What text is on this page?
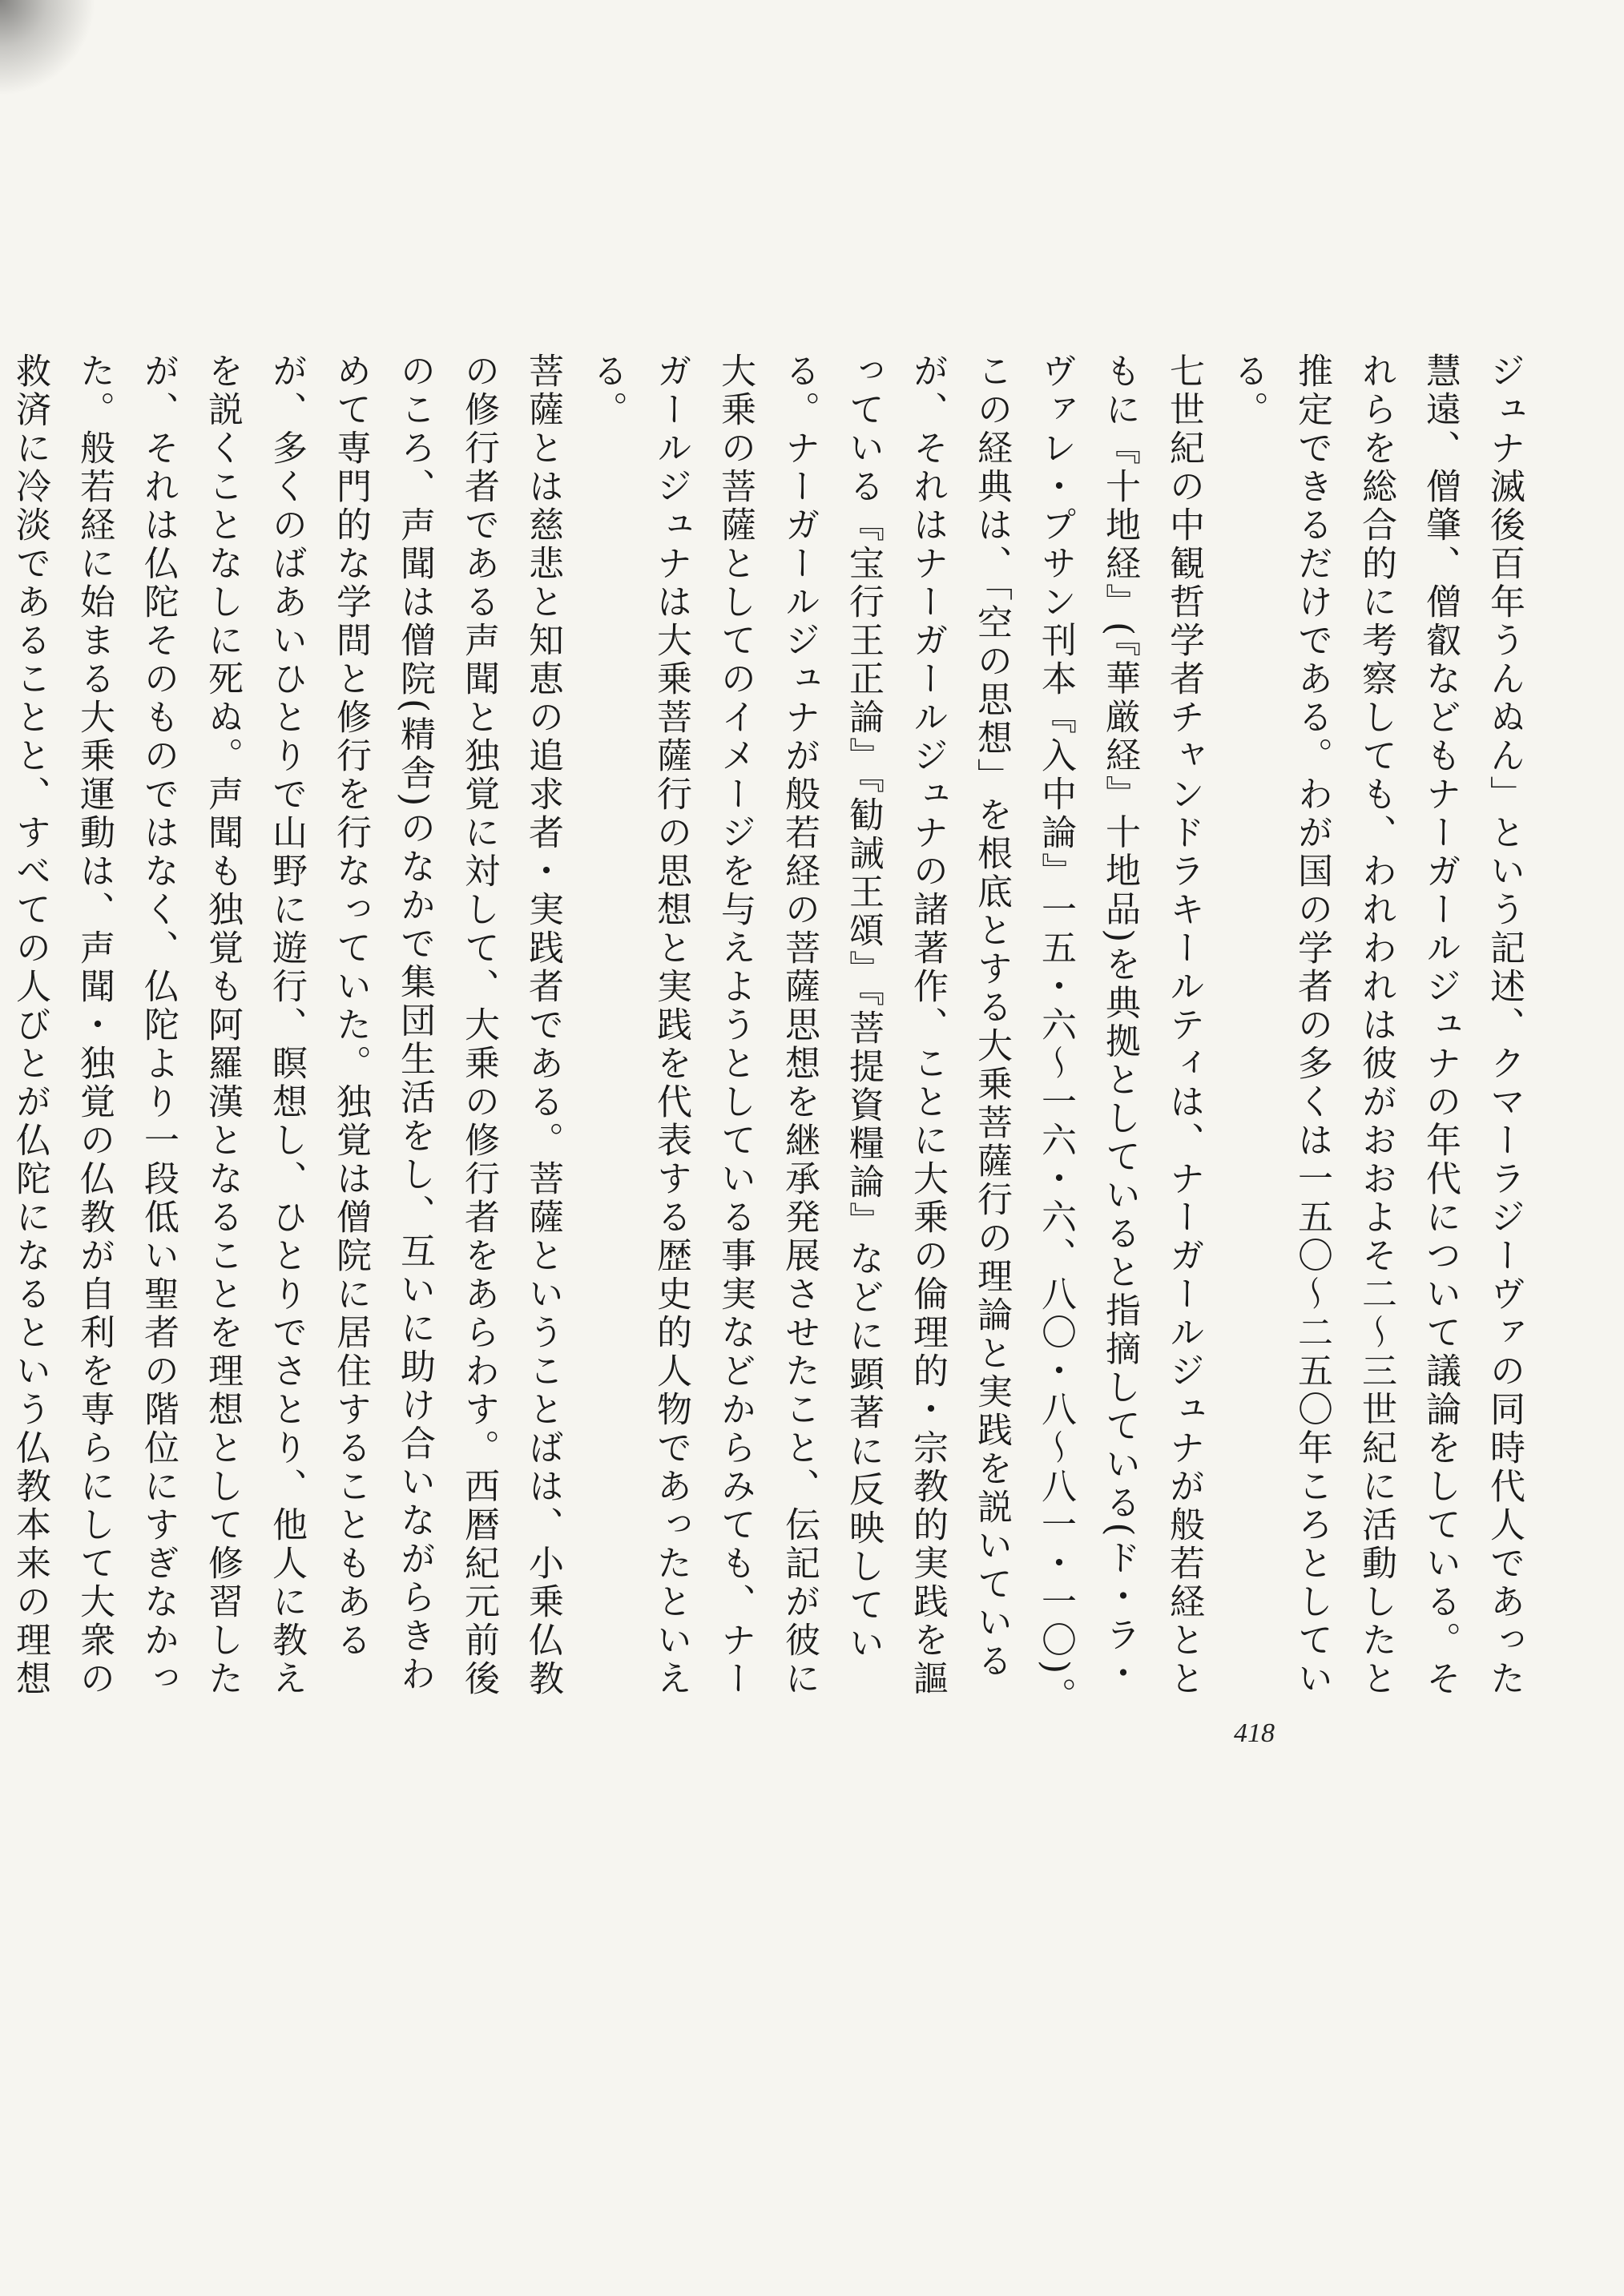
ジュナ滅後百年うんぬん」という記述、クマーラジーヴァの同時代人であった慧遠、僧肇、僧叡などもナーガールジュナの年代について議論をしている。それらを総合的に考察しても、われわれは彼がおおよそ二〜三世紀に活動したと推定できるだけである。わが国の学者の多くは一五〇〜二五〇年ころとしている。

七世紀の中観哲学者チャンドラキールティは、ナーガールジュナが般若経とともに『十地経』(『華厳経』十地品)を典拠としていると指摘している(ド・ラ・ヴァレ・プサン刊本『入中論』一五・六〜一六・六、八〇・八〜八一・一〇)。この経典は、「空の思想」を根底とする大乗菩薩行の理論と実践を説いているが、それはナーガールジュナの諸著作、ことに大乗の倫理的・宗教的実践を謳っている『宝行王正論』『勧誡王頌』『菩提資糧論』などに顕著に反映している。ナーガールジュナが般若経の菩薩思想を継承発展させたこと、伝記が彼に大乗の菩薩としてのイメージを与えようとしている事実などからみても、ナーガールジュナは大乗菩薩行の思想と実践を代表する歴史的人物であったといえる。

菩薩とは慈悲と知恵の追求者・実践者である。菩薩ということばは、小乗仏教の修行者である声聞と独覚に対して、大乗の修行者をあらわす。西暦紀元前後のころ、声聞は僧院(精舎)のなかで集団生活をし、互いに助け合いながらきわめて専門的な学問と修行を行なっていた。独覚は僧院に居住することもあるが、多くのばあいひとりで山野に遊行、瞑想し、ひとりでさとり、他人に教えを説くことなしに死ぬ。声聞も独覚も阿羅漢となることを理想として修習したが、それは仏陀そのものではなく、仏陀より一段低い聖者の階位にすぎなかった。般若経に始まる大乗運動は、声聞・独覚の仏教が自利を専らにして大衆の救済に冷淡であることと、すべての人びとが仏陀になるという仏教本来の理想

418
